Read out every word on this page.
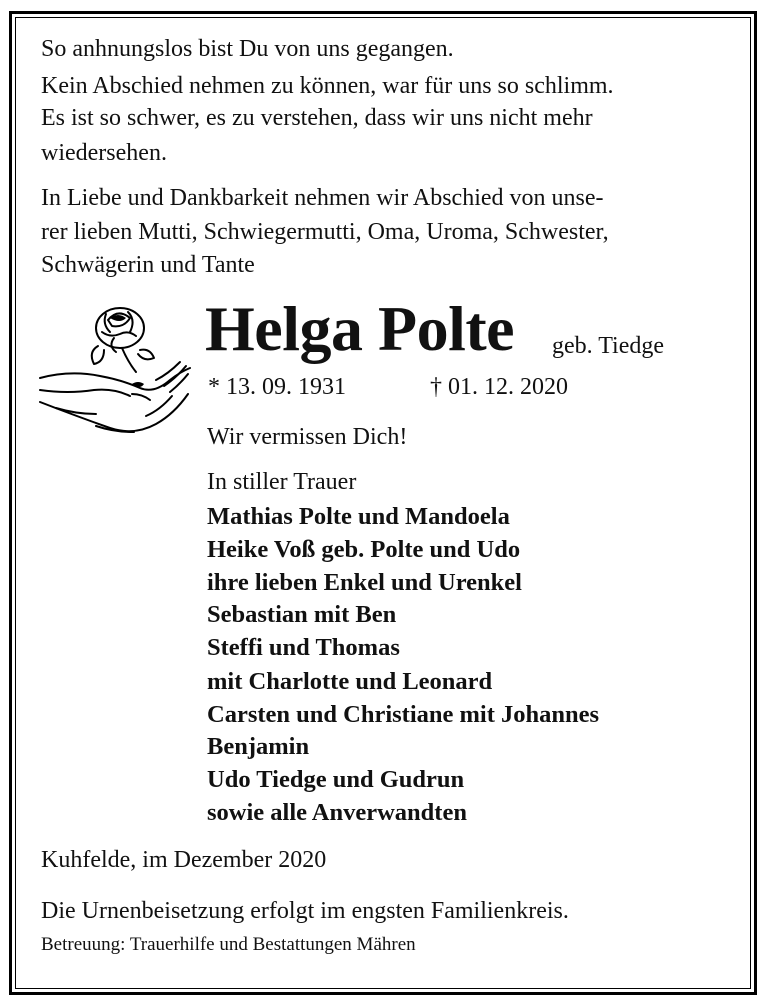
So anhnungslos bist Du von uns gegangen.
Kein Abschied nehmen zu können, war für uns so schlimm.
Es ist so schwer, es zu verstehen, dass wir uns nicht mehr
wiedersehen.
In Liebe und Dankbarkeit nehmen wir Abschied von unse-
rer lieben Mutti, Schwiegermutti, Oma, Uroma, Schwester,
Schwägerin und Tante
Helga Polte geb. Tiedge
* 13. 09. 1931	† 01. 12. 2020
Wir vermissen Dich!
In stiller Trauer
Mathias Polte und Mandoela
Heike Voß geb. Polte und Udo
ihre lieben Enkel und Urenkel
Sebastian mit Ben
Steffi und Thomas
mit Charlotte und Leonard
Carsten und Christiane mit Johannes
Benjamin
Udo Tiedge und Gudrun
sowie alle Anverwandten
Kuhfelde, im Dezember 2020
Die Urnenbeisetzung erfolgt im engsten Familienkreis.
Betreuung: Trauerhilfe und Bestattungen Mähren
